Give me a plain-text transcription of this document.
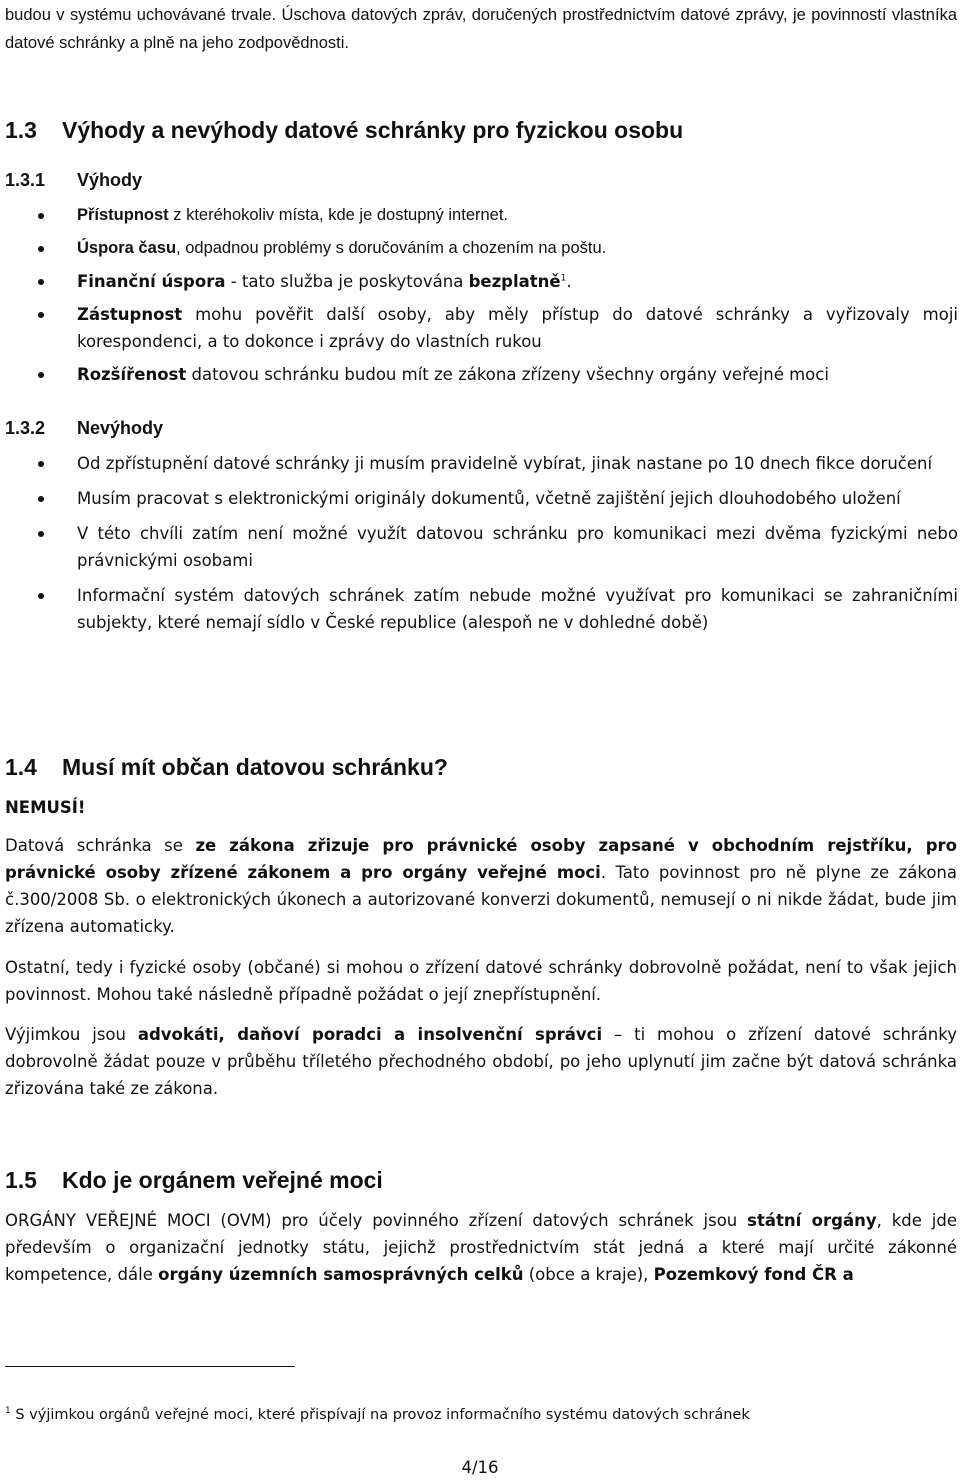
budou v systému uchovávané trvale. Úschova datových zpráv, doručených prostřednictvím datové zprávy, je povinností vlastníka datové schránky a plně na jeho zodpovědnosti.
1.3 Výhody a nevýhody datové schránky pro fyzickou osobu
1.3.1 Výhody
Přístupnost z kteréhokoliv místa, kde je dostupný internet.
Úspora času, odpadnou problémy s doručováním a chozením na poštu.
Finanční úspora - tato služba je poskytována bezplatně$^1$.
Zástupnost mohu pověřit další osoby, aby měly přístup do datové schránky a vyřizovaly moji korespondenci, a to dokonce i zprávy do vlastních rukou
Rozšířenost datovou schránku budou mít ze zákona zřízeny všechny orgány veřejné moci
1.3.2 Nevýhody
Od zpřístupnění datové schránky ji musím pravidelně vybírat, jinak nastane po 10 dnech fikce doručení
Musím pracovat s elektronickými originály dokumentů, včetně zajištění jejich dlouhodobého uložení
V této chvíli zatím není možné využít datovou schránku pro komunikaci mezi dvěma fyzickými nebo právnickými osobami
Informační systém datových schránek zatím nebude možné využívat pro komunikaci se zahraničními subjekty, které nemají sídlo v České republice (alespoň ne v dohledné době)
1.4 Musí mít občan datovou schránku?
NEMUSÍ!
Datová schránka se ze zákona zřizuje pro právnické osoby zapsané v obchodním rejstříku, pro právnické osoby zřízené zákonem a pro orgány veřejné moci. Tato povinnost pro ně plyne ze zákona č.300/2008 Sb. o elektronických úkonech a autorizované konverzi dokumentů, nemusejí o ni nikde žádat, bude jim zřízena automaticky.
Ostatní, tedy i fyzické osoby (občané) si mohou o zřízení datové schránky dobrovolně požádat, není to však jejich povinnost. Mohou také následně případně požádat o její znepřístupnění.
Výjimkou jsou advokáti, daňoví poradci a insolvenční správci – ti mohou o zřízení datové schránky dobrovolně žádat pouze v průběhu tříletého přechodného období, po jeho uplynutí jim začne být datová schránka zřizována také ze zákona.
1.5 Kdo je orgánem veřejné moci
ORGÁNY VEŘEJNÉ MOCI (OVM) pro účely povinného zřízení datových schránek jsou státní orgány, kde jde především o organizační jednotky státu, jejichž prostřednictvím stát jedná a které mají určité zákonné kompetence, dále orgány územních samosprávných celků (obce a kraje), Pozemkový fond ČR a
$^1$ S výjimkou orgánů veřejné moci, které přispívají na provoz informačního systému datových schránek
4/16
